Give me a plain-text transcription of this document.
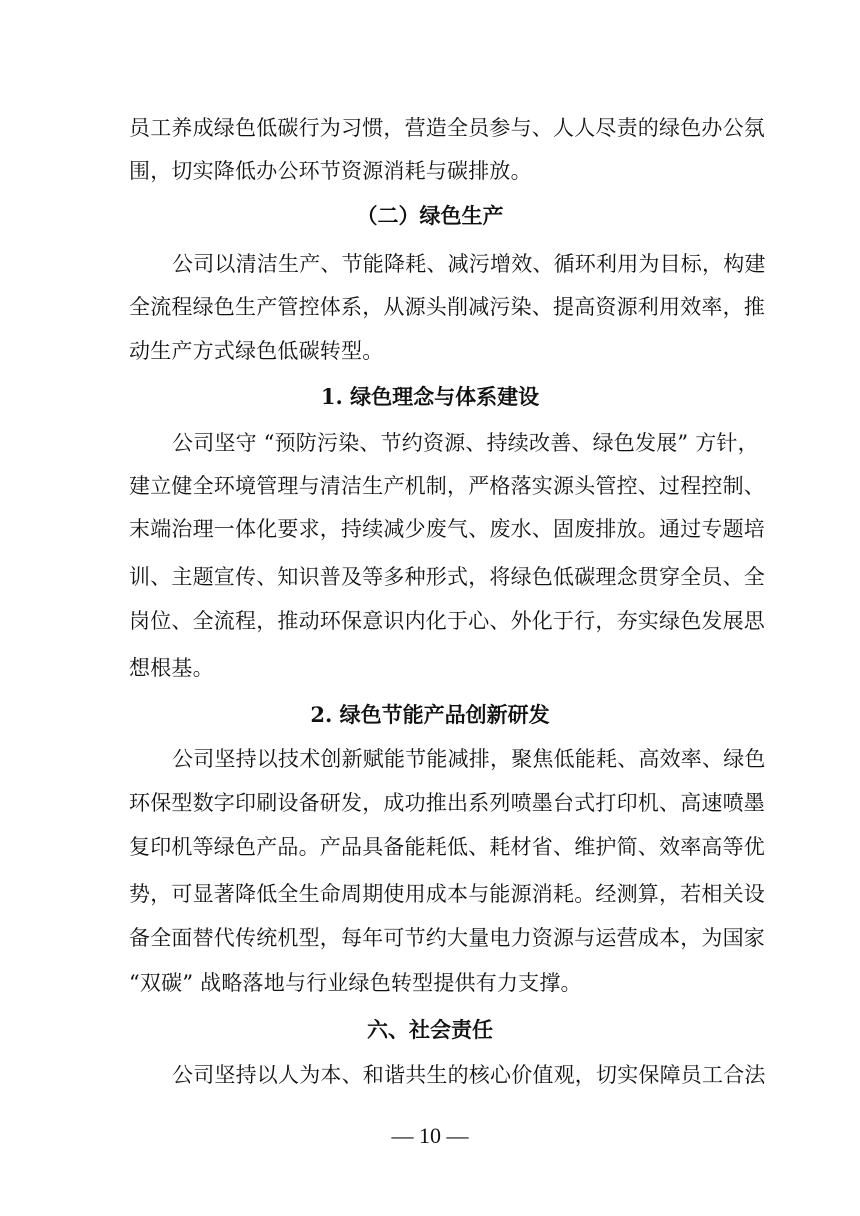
员工养成绿色低碳行为习惯，营造全员参与、人人尽责的绿色办公氛
围，切实降低办公环节资源消耗与碳排放。
（二）绿色生产
公司以清洁生产、节能降耗、减污增效、循环利用为目标，构建
全流程绿色生产管控体系，从源头削减污染、提高资源利用效率，推
动生产方式绿色低碳转型。
1. 绿色理念与体系建设
公司坚守 “预防污染、节约资源、持续改善、绿色发展” 方针，
建立健全环境管理与清洁生产机制，严格落实源头管控、过程控制、
末端治理一体化要求，持续减少废气、废水、固废排放。通过专题培
训、主题宣传、知识普及等多种形式，将绿色低碳理念贯穿全员、全
岗位、全流程，推动环保意识内化于心、外化于行，夯实绿色发展思
想根基。
2. 绿色节能产品创新研发
公司坚持以技术创新赋能节能减排，聚焦低能耗、高效率、绿色
环保型数字印刷设备研发，成功推出系列喷墨台式打印机、高速喷墨
复印机等绿色产品。产品具备能耗低、耗材省、维护简、效率高等优
势，可显著降低全生命周期使用成本与能源消耗。经测算，若相关设
备全面替代传统机型，每年可节约大量电力资源与运营成本，为国家
“双碳” 战略落地与行业绿色转型提供有力支撑。
六、社会责任
公司坚持以人为本、和谐共生的核心价值观，切实保障员工合法
— 10 —
